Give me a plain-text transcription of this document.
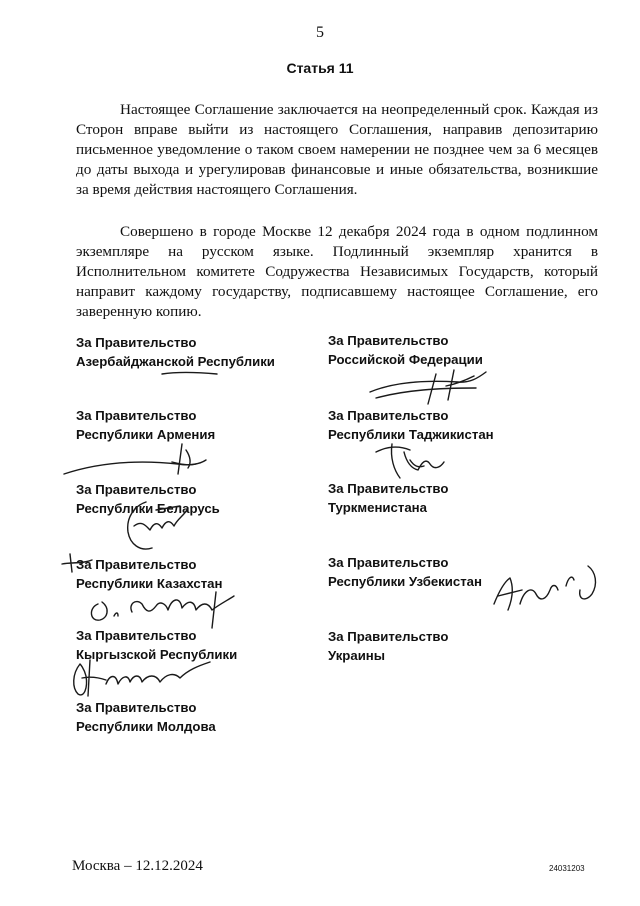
5
Статья 11

Настоящее Соглашение заключается на неопределенный срок. Каждая из Сторон вправе выйти из настоящего Соглашения, направив депозитарию письменное уведомление о таком своем намерении не позднее чем за 6 месяцев до даты выхода и урегулировав финансовые и иные обязательства, возникшие за время действия настоящего Соглашения.

Совершено в городе Москве 12 декабря 2024 года в одном подлинном экземпляре на русском языке. Подлинный экземпляр хранится в Исполнительном комитете Содружества Независимых Государств, который направит каждому государству, подписавшему настоящее Соглашение, его заверенную копию.

За Правительство
Азербайджанской Республики
За Правительство
Республики Армения
За Правительство
Республики Беларусь
За Правительство
Республики Казахстан
За Правительство
Кыргызской Республики
За Правительство
Республики Молдова
За Правительство
Российской Федерации
За Правительство
Республики Таджикистан
За Правительство
Туркменистана
За Правительство
Республики Узбекистан
За Правительство
Украины
Москва – 12.12.2024	24031203
